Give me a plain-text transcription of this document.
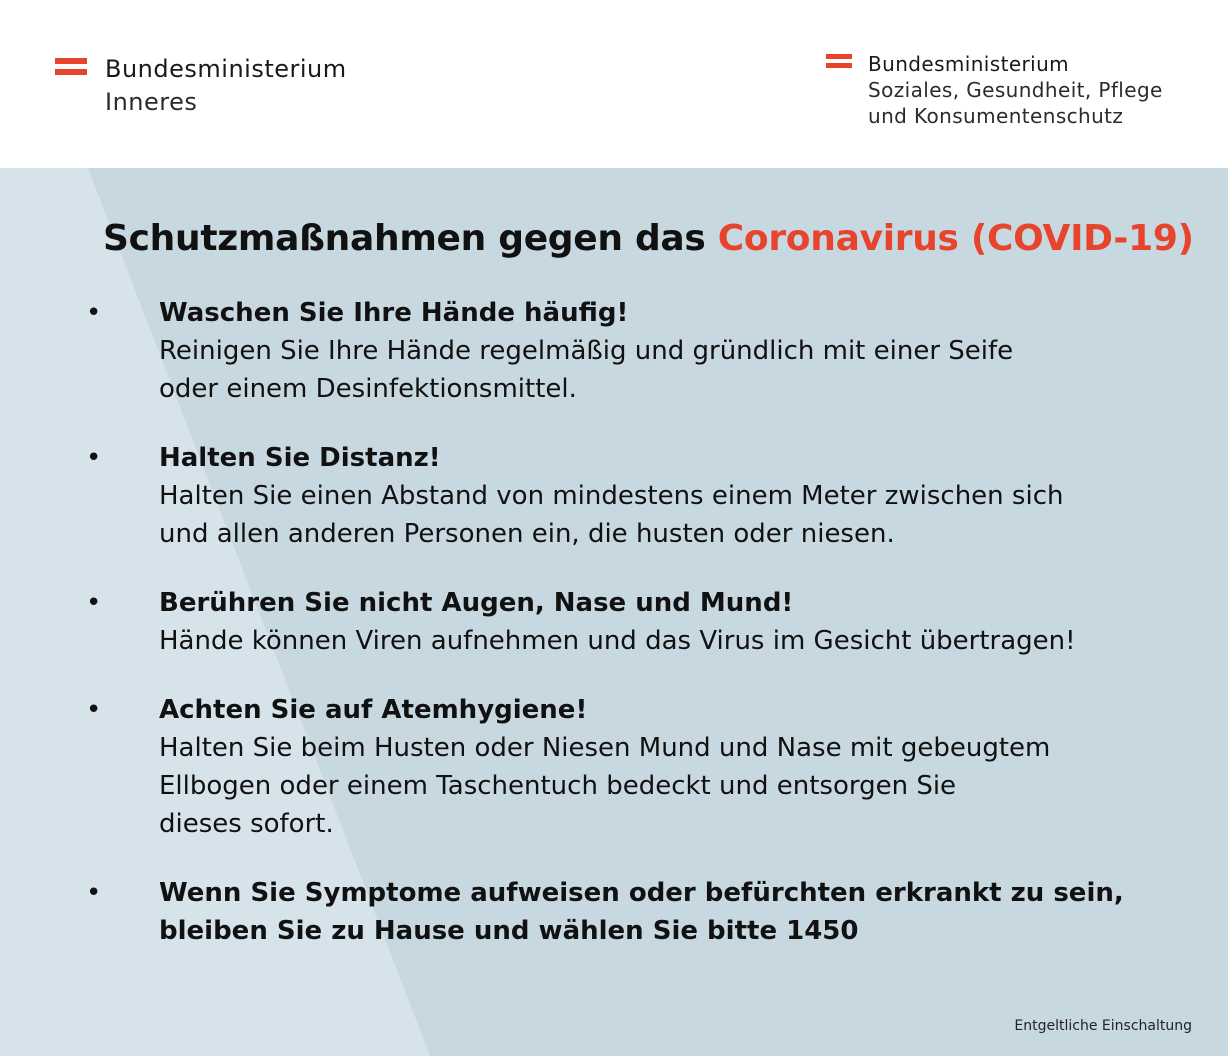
Bundesministerium
Inneres
Bundesministerium
Soziales, Gesundheit, Pflege
und Konsumentenschutz
Schutzmaßnahmen gegen das Coronavirus (COVID-19)
• Waschen Sie Ihre Hände häufig!
Reinigen Sie Ihre Hände regelmäßig und gründlich mit einer Seife
oder einem Desinfektionsmittel.
• Halten Sie Distanz!
Halten Sie einen Abstand von mindestens einem Meter zwischen sich
und allen anderen Personen ein, die husten oder niesen.
• Berühren Sie nicht Augen, Nase und Mund!
Hände können Viren aufnehmen und das Virus im Gesicht übertragen!
• Achten Sie auf Atemhygiene!
Halten Sie beim Husten oder Niesen Mund und Nase mit gebeugtem
Ellbogen oder einem Taschentuch bedeckt und entsorgen Sie
dieses sofort.
• Wenn Sie Symptome aufweisen oder befürchten erkrankt zu sein,
bleiben Sie zu Hause und wählen Sie bitte 1450
Entgeltliche Einschaltung
